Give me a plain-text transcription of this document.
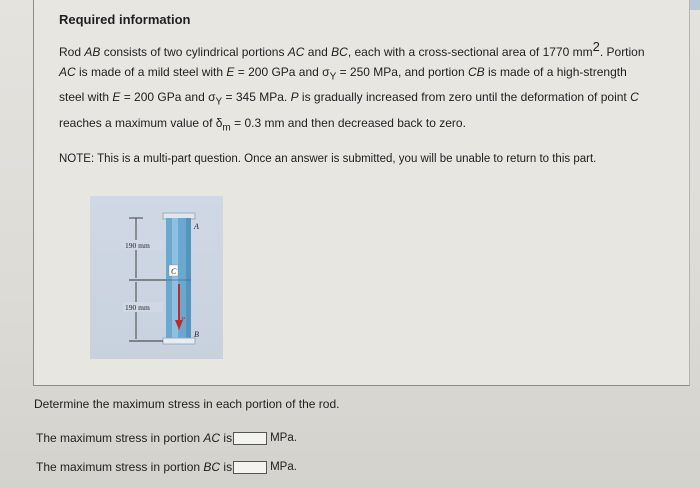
Required information
Rod AB consists of two cylindrical portions AC and BC, each with a cross-sectional area of 1770 $mm^2$. Portion AC is made of a mild steel with E = 200 GPa and $\sigma_Y = 250$ MPa, and portion CB is made of a high-strength steel with E = 200 GPa and $\sigma_Y = 345$ MPa. P is gradually increased from zero until the deformation of point C reaches a maximum value of $\delta_m = 0.3$ mm and then decreased back to zero.
NOTE: This is a multi-part question. Once an answer is submitted, you will be unable to return to this part.
190 mm
190 mm
A
C
P
B
Determine the maximum stress in each portion of the rod.
The maximum stress in portion AC is	MPa.
The maximum stress in portion BC is	MPa.
